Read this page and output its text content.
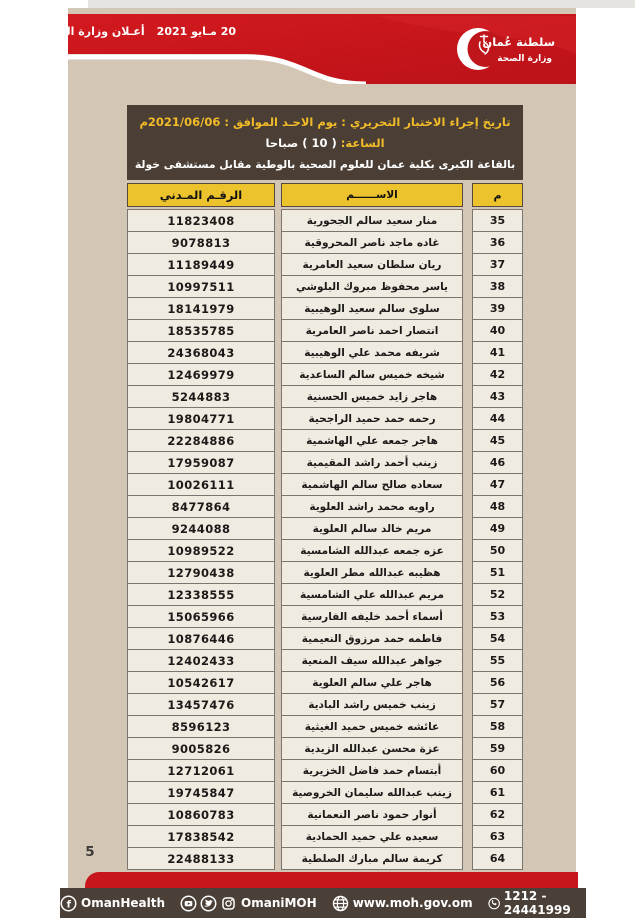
20 مـايو 2021
أعـلان وزارة الصحـــة
سلطنة عُمان
وزارة الصحة
تاريخ إجراء الاختبار التحريري : يوم الاحـد الموافق : 2021/06/06م
الساعة: ( 10 ) صباحا
بالقاعة الكبرى بكلية عمان للعلوم الصحية بالوطية مقابل مستشفى خولة
الرقـم المـدني	الاســــــم	م
11823408	منار سعيد سالم الجحورية	35
9078813	غاده ماجد ناصر المحروقية	36
11189449	ريان سلطان سعيد العامرية	37
10997511	ياسر محفوظ مبروك البلوشي	38
18141979	سلوى سالم سعيد الوهيبية	39
18535785	انتصار احمد ناصر العامرية	40
24368043	شريفه محمد علي الوهيبية	41
12469979	شيخه خميس سالم الساعدية	42
5244883	هاجر زايد خميس الحسنية	43
19804771	رحمه حمد حميد الراجحية	44
22284886	هاجر جمعه علي الهاشمية	45
17959087	زينب أحمد راشد المقيمية	46
10026111	سعاده صالح سالم الهاشمية	47
8477864	راويه محمد راشد العلوية	48
9244088	مريم خالد سالم العلوية	49
10989522	عزه جمعه عبدالله الشامسية	50
12790438	هظيبه عبدالله مطر العلوية	51
12338555	مريم عبدالله علي الشامسية	52
15065966	أسماء أحمد خليفه الفارسية	53
10876446	فاطمه حمد مرزوق النعيمية	54
12402433	جواهر عبدالله سيف المنعية	55
10542617	هاجر علي سالم العلوية	56
13457476	زينب خميس راشد البادية	57
8596123	عائشه خميس حميد الغيثية	58
9005826	عزة محسن عبدالله الزيدية	59
12712061	أبتسام حمد فاضل الخزيرية	60
19745847	زينب عبدالله سليمان الخروصية	61
10860783	أنوار حمود ناصر النعمانية	62
17838542	سعيده علي حميد الحمادية	63
22488133	كريمة سالم مبارك الصلطية	64
5
f OmanHealth	OmaniMOH	www.moh.gov.om	1212 - 24441999
